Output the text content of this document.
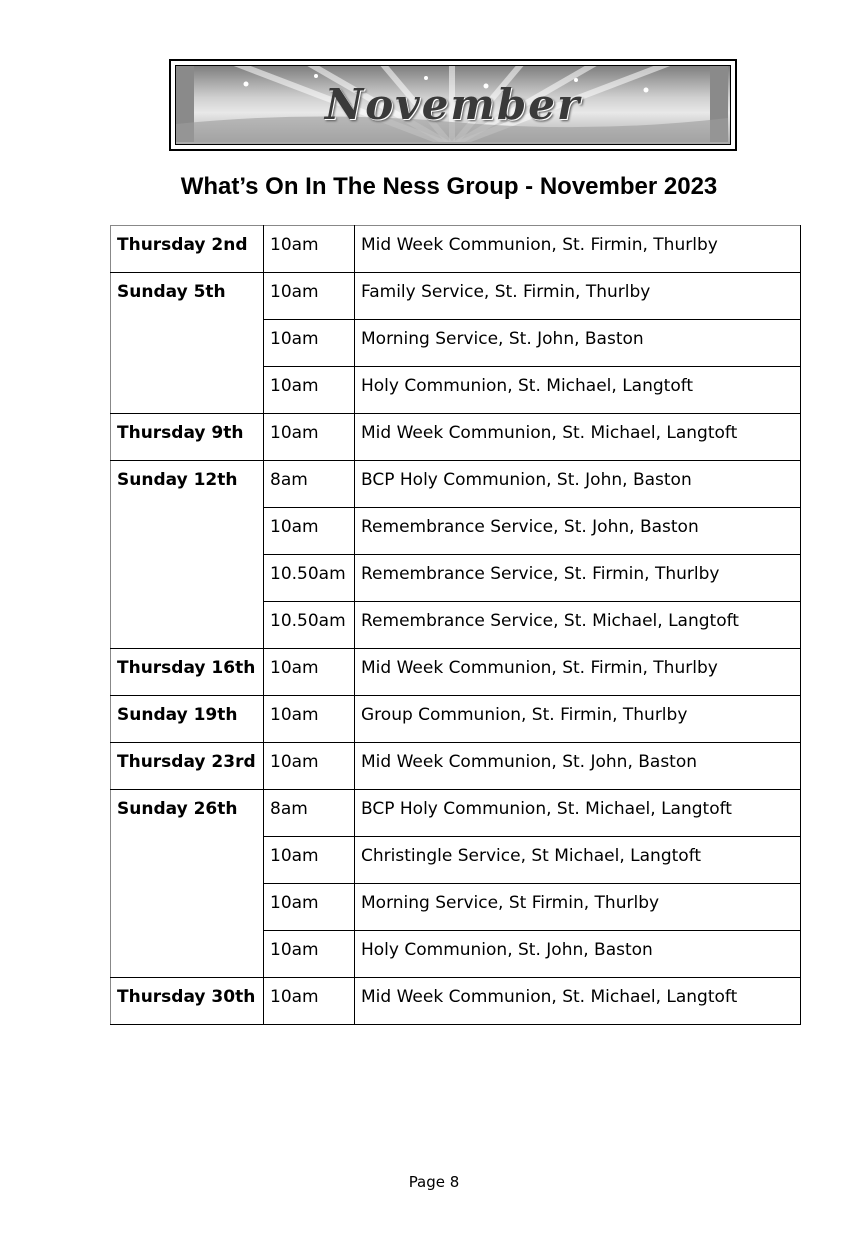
November
What’s On In The Ness Group - November 2023
Thursday 2nd	10am	Mid Week Communion, St. Firmin, Thurlby
Sunday 5th	10am	Family Service, St. Firmin, Thurlby
	10am	Morning Service, St. John, Baston
	10am	Holy Communion, St. Michael, Langtoft
Thursday 9th	10am	Mid Week Communion, St. Michael, Langtoft
Sunday 12th	8am	BCP Holy Communion, St. John, Baston
	10am	Remembrance Service, St. John, Baston
	10.50am	Remembrance Service, St. Firmin, Thurlby
	10.50am	Remembrance Service, St. Michael, Langtoft
Thursday 16th	10am	Mid Week Communion, St. Firmin, Thurlby
Sunday 19th	10am	Group Communion, St. Firmin, Thurlby
Thursday 23rd	10am	Mid Week Communion, St. John, Baston
Sunday 26th	8am	BCP Holy Communion, St. Michael, Langtoft
	10am	Christingle Service, St Michael, Langtoft
	10am	Morning Service, St Firmin, Thurlby
	10am	Holy Communion, St. John, Baston
Thursday 30th	10am	Mid Week Communion, St. Michael, Langtoft
Page 8
